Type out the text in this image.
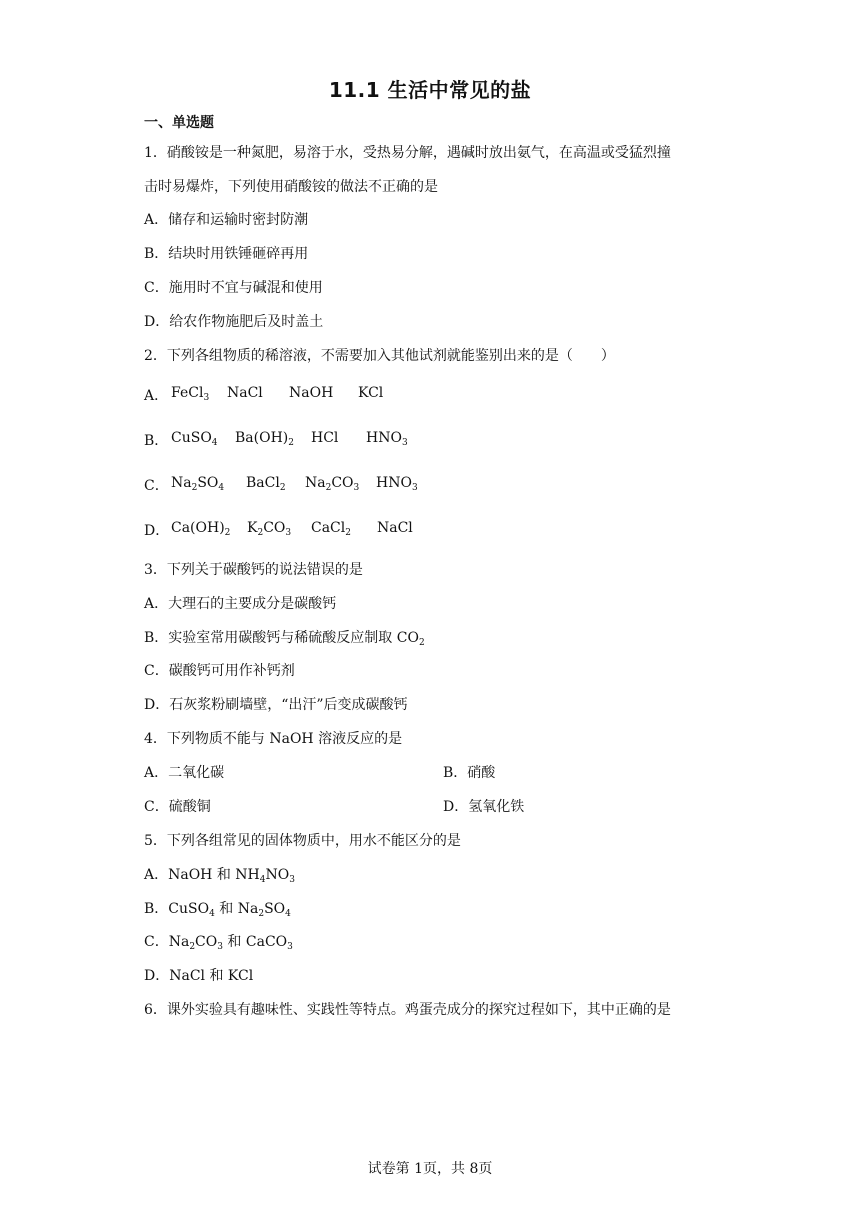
11.1 生活中常见的盐
一、单选题
1．硝酸铵是一种氮肥，易溶于水，受热易分解，遇碱时放出氨气，在高温或受猛烈撞
击时易爆炸，下列使用硝酸铵的做法不正确的是
A．储存和运输时密封防潮
B．结块时用铁锤砸碎再用
C．施用时不宜与碱混和使用
D．给农作物施肥后及时盖土
2．下列各组物质的稀溶液，不需要加入其他试剂就能鉴别出来的是（　　）
A． FeCl$_3$ NaCl NaOH KCl
B． CuSO$_4$ $Ba(OH)_2$ HCl $HNO_3$
C． $Na_2SO_4$ BaCl$_2$ $Na_2CO_3$ $HNO_3$
D． $Ca(OH)_2$ $K_2CO_3$ CaCl$_2$ NaCl
3．下列关于碳酸钙的说法错误的是
A．大理石的主要成分是碳酸钙
B．实验室常用碳酸钙与稀硫酸反应制取 $CO_2$
C．碳酸钙可用作补钙剂
D．石灰浆粉刷墙壁，“出汗”后变成碳酸钙
4．下列物质不能与 NaOH 溶液反应的是
A．二氧化碳	B．硝酸
C．硫酸铜	D．氢氧化铁
5．下列各组常见的固体物质中，用水不能区分的是
A．NaOH 和 $NH_4NO_3$
B．CuSO$_4$ 和 $Na_2SO_4$
C．$Na_2CO_3$ 和 CaCO$_3$
D．NaCl 和 KCl
6．课外实验具有趣味性、实践性等特点。鸡蛋壳成分的探究过程如下，其中正确的是
试卷第 1页，共 8页
